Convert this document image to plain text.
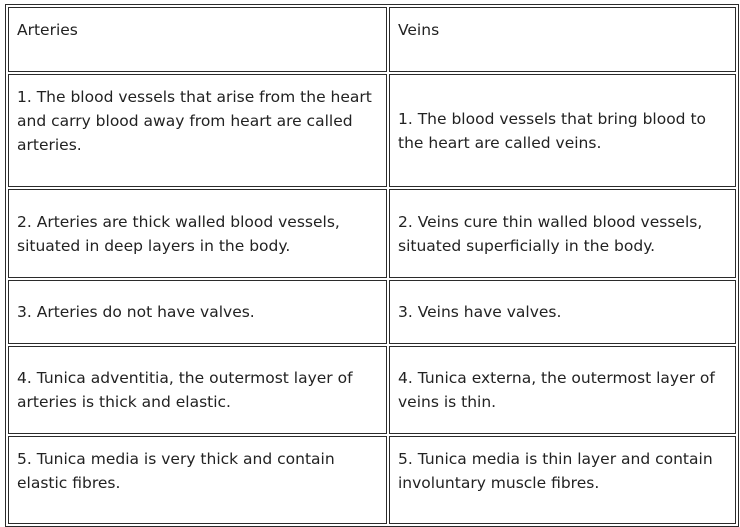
Arteries	Veins
1. The blood vessels that arise from the heart and carry blood away from heart are called arteries.	1. The blood vessels that bring blood to the heart are called veins.
2. Arteries are thick walled blood vessels, situated in deep layers in the body.	2. Veins cure thin walled blood vessels, situated superficially in the body.
3. Arteries do not have valves.	3. Veins have valves.
4. Tunica adventitia, the outermost layer of arteries is thick and elastic.	4. Tunica externa, the outermost layer of veins is thin.
5. Tunica media is very thick and contain elastic fibres.	5. Tunica media is thin layer and contain involuntary muscle fibres.
